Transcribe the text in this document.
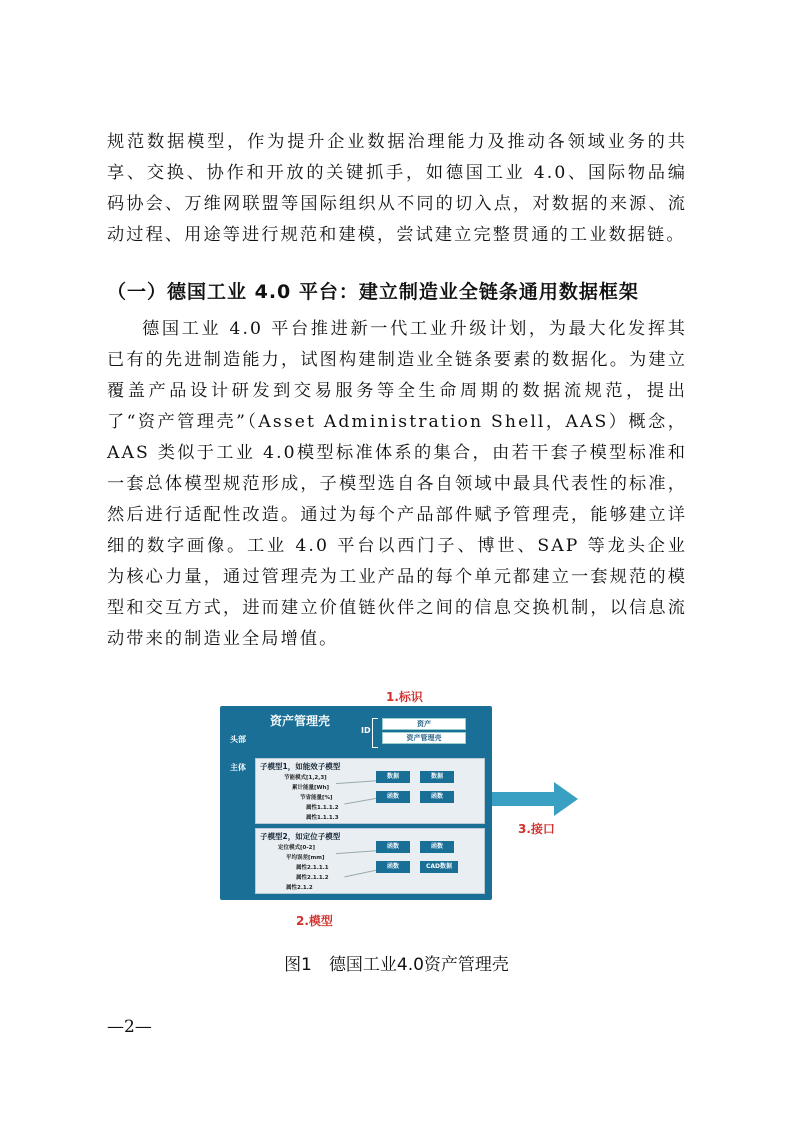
规范数据模型，作为提升企业数据治理能力及推动各领域业务的共享、交换、协作和开放的关键抓手，如德国工业 4.0、国际物品编码协会、万维网联盟等国际组织从不同的切入点，对数据的来源、流动过程、用途等进行规范和建模，尝试建立完整贯通的工业数据链。

（一）德国工业 4.0 平台：建立制造业全链条通用数据框架

德国工业 4.0 平台推进新一代工业升级计划，为最大化发挥其已有的先进制造能力，试图构建制造业全链条要素的数据化。为建立覆盖产品设计研发到交易服务等全生命周期的数据流规范，提出了“资产管理壳”（Asset Administration Shell，AAS）概念，AAS 类似于工业 4.0模型标准体系的集合，由若干套子模型标准和一套总体模型规范形成，子模型选自各自领域中最具代表性的标准，然后进行适配性改造。通过为每个产品部件赋予管理壳，能够建立详细的数字画像。工业 4.0 平台以西门子、博世、SAP 等龙头企业为核心力量，通过管理壳为工业产品的每个单元都建立一套规范的模型和交互方式，进而建立价值链伙伴之间的信息交换机制，以信息流动带来的制造业全局增值。

1.标识
资产管理壳
头部
ID
资产
资产管理壳
主体 子模型1，如能效子模型
节能模式[1,2,3]
累计能量[Wh]
节省能量[%]
属性1.1.1.2
属性1.1.1.3
数据	数据
函数	函数
子模型2，如定位子模型
定位模式[0-2]
平均误差[mm]
属性2.1.1.1
属性2.1.1.2
属性2.1.2
函数	函数
函数	CAD数据
3.接口
2.模型
图1　德国工业4.0资产管理壳
—2—
